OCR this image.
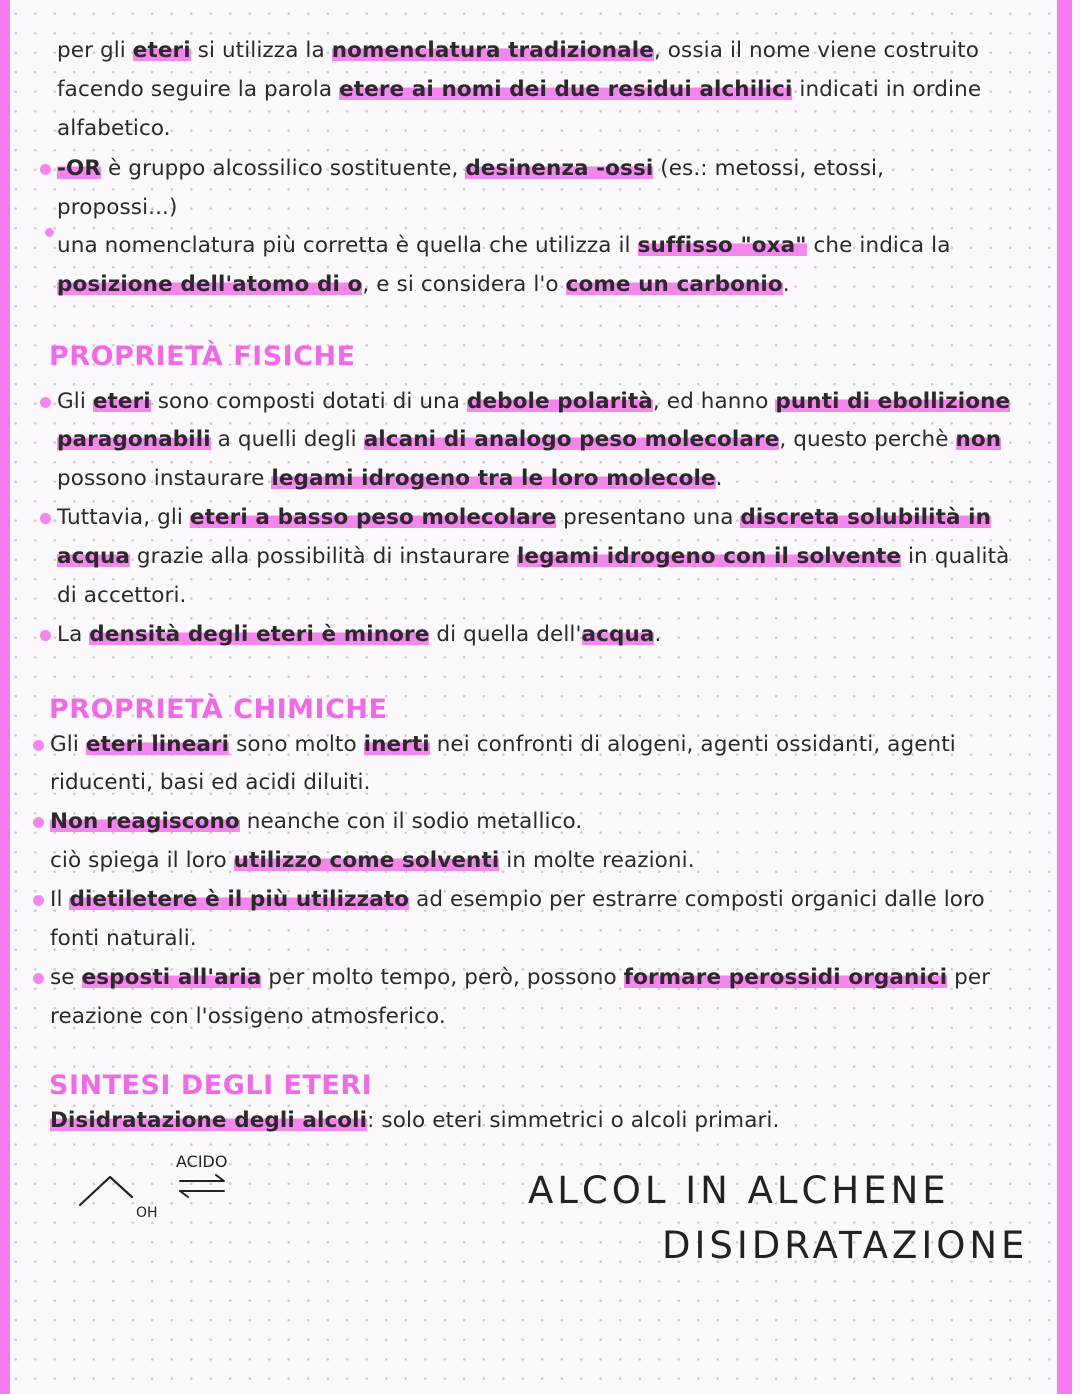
per gli eteri si utilizza la nomenclatura tradizionale, ossia il nome viene costruito
facendo seguire la parola etere ai nomi dei due residui alchilici indicati in ordine
alfabetico.
-OR è gruppo alcossilico sostituente, desinenza -ossi (es.: metossi, etossi,
propossi...)
una nomenclatura più corretta è quella che utilizza il suffisso "oxa" che indica la
posizione dell'atomo di o, e si considera l'o come un carbonio.
PROPRIETÀ FISICHE
Gli eteri sono composti dotati di una debole polarità, ed hanno punti di ebollizione
paragonabili a quelli degli alcani di analogo peso molecolare, questo perchè non
possono instaurare legami idrogeno tra le loro molecole.
Tuttavia, gli eteri a basso peso molecolare presentano una discreta solubilità in
acqua grazie alla possibilità di instaurare legami idrogeno con il solvente in qualità
di accettori.
La densità degli eteri è minore di quella dell'acqua.
PROPRIETÀ CHIMICHE
Gli eteri lineari sono molto inerti nei confronti di alogeni, agenti ossidanti, agenti
riducenti, basi ed acidi diluiti.
Non reagiscono neanche con il sodio metallico.
ciò spiega il loro utilizzo come solventi in molte reazioni.
Il dietiletere è il più utilizzato ad esempio per estrarre composti organici dalle loro
fonti naturali.
se esposti all'aria per molto tempo, però, possono formare perossidi organici per
reazione con l'ossigeno atmosferico.
SINTESI DEGLI ETERI
Disidratazione degli alcoli: solo eteri simmetrici o alcoli primari.
OH
ACIDO
ALCOL IN ALCHENE
DISIDRATAZIONE
